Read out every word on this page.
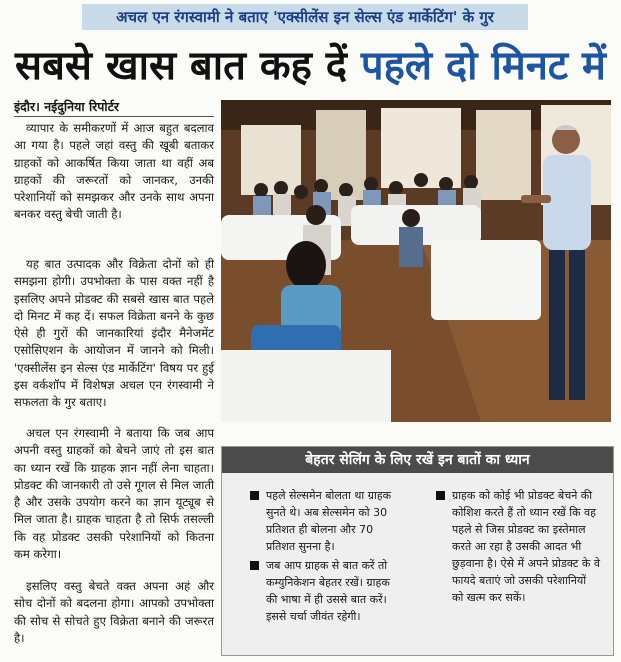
अचल एन रंगस्वामी ने बताए 'एक्सीलेंस इन सेल्स एंड मार्केटिंग' के गुर
सबसे खास बात कह दें पहले दो मिनट में
इंदौर। नईदुनिया रिपोर्टर

व्यापार के समीकरणों में आज बहुत बदलाव आ गया है। पहले जहां वस्तु की खूबी बताकर ग्राहकों को आकर्षित किया जाता था वहीं अब ग्राहकों की जरूरतों को जानकर, उनकी परेशानियों को समझकर और उनके साथ अपना बनकर वस्तु बेची जाती है।

यह बात उत्पादक और विक्रेता दोनों को ही समझना होगी। उपभोक्ता के पास वक्त नहीं है इसलिए अपने प्रोडक्ट की सबसे खास बात पहले दो मिनट में कह दें। सफल विक्रेता बनने के कुछ ऐसे ही गुरों की जानकारियां इंदौर मैनेजमेंट एसोसिएशन के आयोजन में जानने को मिली। 'एक्सीलेंस इन सेल्स एंड मार्केटिंग' विषय पर हुई इस वर्कशॉप में विशेषज्ञ अचल एन रंगस्वामी ने सफलता के गुर बताए।

अचल एन रंगस्वामी ने बताया कि जब आप अपनी वस्तु ग्राहकों को बेचने जाएं तो इस बात का ध्यान रखें कि ग्राहक ज्ञान नहीं लेना चाहता। प्रोडक्ट की जानकारी तो उसे गूगल से मिल जाती है और उसके उपयोग करने का ज्ञान यूट्यूब से मिल जाता है। ग्राहक चाहता है तो सिर्फ तसल्ली कि वह प्रोडक्ट उसकी परेशानियों को कितना कम करेगा।

इसलिए वस्तु बेचते वक्त अपना अहं और सोच दोनों को बदलना होगा। आपको उपभोक्ता की सोच से सोचते हुए विक्रेता बनाने की जरूरत है।

बेहतर सेलिंग के लिए रखें इन बातों का ध्यान
पहले सेल्समेन बोलता था ग्राहक सुनते थे। अब सेल्समेन को 30 प्रतिशत ही बोलना और 70 प्रतिशत सुनना है।
जब आप ग्राहक से बात करें तो कम्युनिकेशन बेहतर रखें। ग्राहक की भाषा में ही उससे बात करें। इससे चर्चा जीवंत रहेगी।
ग्राहक को कोई भी प्रोडक्ट बेचने की कोशिश करते हैं तो ध्यान रखें कि वह पहले से जिस प्रोडक्ट का इस्तेमाल करते आ रहा है उसकी आदत भी छुड़वाना है। ऐसे में अपने प्रोडक्ट के वे फायदे बताएं जो उसकी परेशानियों को खत्म कर सकें।
